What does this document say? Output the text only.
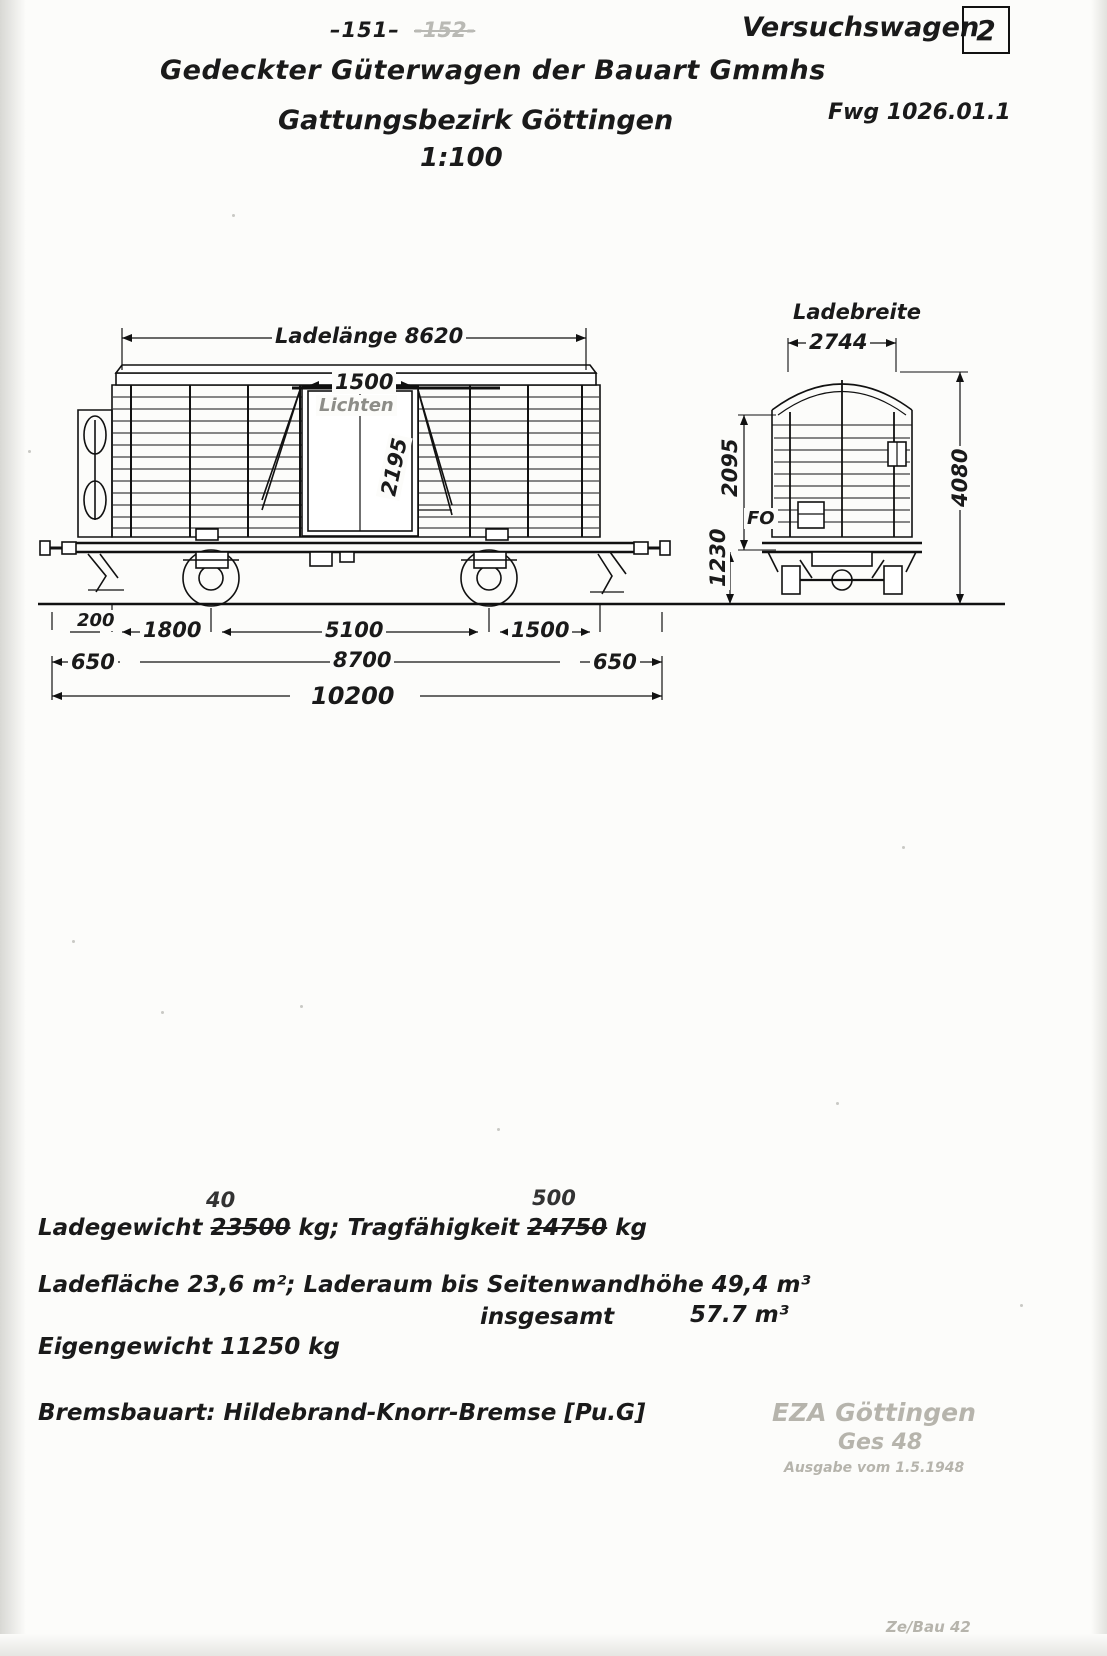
–151– -152-	Versuchswagen
2
Gedeckter Güterwagen der Bauart Gmmhs
Gattungsbezirk Göttingen
1:100
Fwg 1026.01.1
Ladelänge 8620
1500
Lichten
2195
200 1800	5100	1500
650	8700	650
10200
Ladebreite
2744
2095
1230
4080
FO
40	500
Ladegewicht 23500 kg; Tragfähigkeit 24750 kg
Ladefläche 23,6 m²; Laderaum bis Seitenwandhöhe 49,4 m³
insgesamt	57.7 m³
Eigengewicht 11250 kg
Bremsbauart: Hildebrand-Knorr-Bremse [Pu.G]	EZA Göttingen
Ges 48
Ausgabe vom 1.5.1948
Ze/Bau 42
